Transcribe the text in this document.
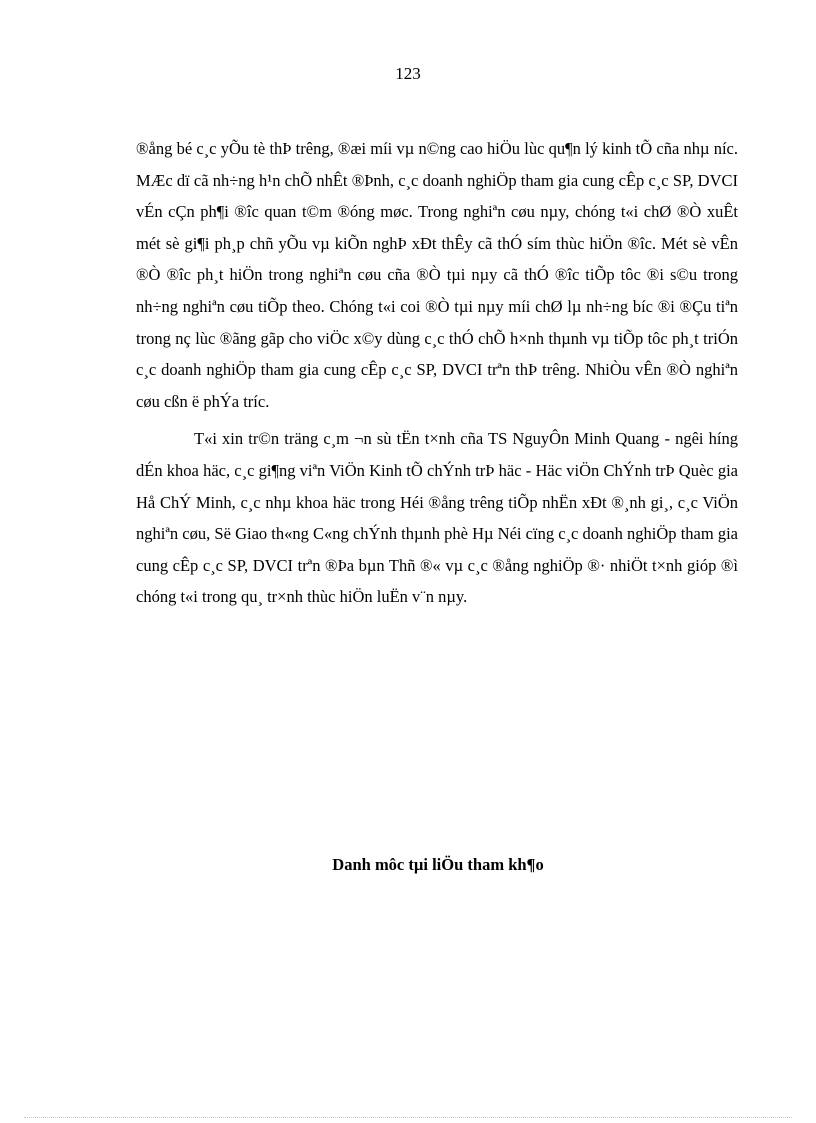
123

®ång bé c¸c yÕu tè thÞ trêng, ®æi míi vµ n©ng cao hiÖu lùc qu¶n lý kinh tÕ cña nhµ níc. MÆc dï cã nh÷ng h¹n chÕ nhÊt ®Þnh, c¸c doanh nghiÖp tham gia cung cÊp c¸c SP, DVCI vÉn cÇn ph¶i ®îc quan t©m ®óng møc. Trong nghiªn cøu nµy, chóng t«i chØ ®Ò xuÊt mét sè gi¶i ph¸p chñ yÕu vµ kiÕn nghÞ xÐt thÊy cã thÓ sím thùc hiÖn ®îc. Mét sè vÊn ®Ò ®îc ph¸t hiÖn trong nghiªn cøu cña ®Ò tµi nµy cã thÓ ®îc tiÕp tôc ®i s©u trong nh÷ng nghiªn cøu tiÕp theo. Chóng t«i coi ®Ò tµi nµy míi chØ lµ nh÷ng bíc ®i ®Çu tiªn trong nç lùc ®ãng gãp cho viÖc x©y dùng c¸c thÓ chÕ h×nh thµnh vµ tiÕp tôc ph¸t triÓn c¸c doanh nghiÖp tham gia cung cÊp c¸c SP, DVCI trªn thÞ trêng. NhiÒu vÊn ®Ò nghiªn cøu cßn ë phÝa tríc.

T«i xin tr©n träng c¸m ¬n sù tËn t×nh cña TS NguyÔn Minh Quang - ngêi híng dÉn khoa häc, c¸c gi¶ng viªn ViÖn Kinh tÕ chÝnh trÞ häc - Häc viÖn ChÝnh trÞ Quèc gia Hå ChÝ Minh, c¸c nhµ khoa häc trong Héi ®ång trêng tiÕp nhËn xÐt ®¸nh gi¸, c¸c ViÖn nghiªn cøu, Së Giao th«ng C«ng chÝnh thµnh phè Hµ Néi cïng c¸c doanh nghiÖp tham gia cung cÊp c¸c SP, DVCI trªn ®Þa bµn Thñ ®« vµ c¸c ®ång nghiÖp ®· nhiÖt t×nh gióp ®ì chóng t«i trong qu¸ tr×nh thùc hiÖn luËn v¨n nµy.

Danh môc tµi liÖu tham kh¶o
